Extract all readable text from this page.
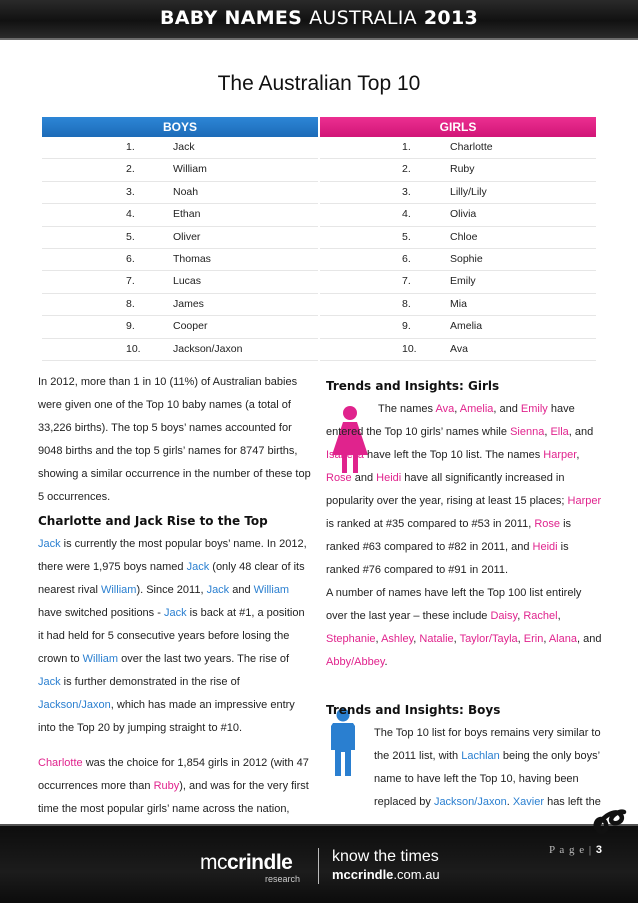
BABY NAMES AUSTRALIA 2013
The Australian Top 10
BOYS	GIRLS
1.	Jack
2.	William
3.	Noah
4.	Ethan
5.	Oliver
6.	Thomas
7.	Lucas
8.	James
9.	Cooper
10.	Jackson/Jaxon
1.	Charlotte
2.	Ruby
3.	Lilly/Lily
4.	Olivia
5.	Chloe
6.	Sophie
7.	Emily
8.	Mia
9.	Amelia
10.	Ava

In 2012, more than 1 in 10 (11%) of Australian babies were given one of the Top 10 baby names (a total of 33,226 births). The top 5 boys’ names accounted for 9048 births and the top 5 girls’ names for 8747 births, showing a similar occurrence in the number of these top 5 occurrences.

Charlotte and Jack Rise to the Top

Jack is currently the most popular boys’ name. In 2012, there were 1,975 boys named Jack (only 48 clear of its nearest rival William). Since 2011, Jack and William have switched positions - Jack is back at #1, a position it had held for 5 consecutive years before losing the crown to William over the last two years. The rise of Jack is further demonstrated in the rise of Jackson/Jaxon, which has made an impressive entry into the Top 20 by jumping straight to #10.

Charlotte was the choice for 1,854 girls in 2012 (with 47 occurrences more than Ruby), and was for the very first time the most popular girls’ name across the nation,

Trends and Insights: Girls

The names Ava, Amelia, and Emily have entered the Top 10 girls’ names while Sienna, Ella, and Isabella have left the Top 10 list. The names Harper, Rose and Heidi have all significantly increased in popularity over the year, rising at least 15 places; Harper is ranked at #35 compared to #53 in 2011, Rose is ranked #63 compared to #82 in 2011, and Heidi is ranked #76 compared to #91 in 2011.

A number of names have left the Top 100 list entirely over the last year – these include Daisy, Rachel, Stephanie, Ashley, Natalie, Taylor/Tayla, Erin, Alana, and Abby/Abbey.

Trends and Insights: Boys

The Top 10 list for boys remains very similar to the 2011 list, with Lachlan being the only boys’ name to have left the Top 10, having been replaced by Jackson/Jaxon. Xavier has left the

P a g e | 3
mccrindle
research
know the times
mccrindle.com.au
